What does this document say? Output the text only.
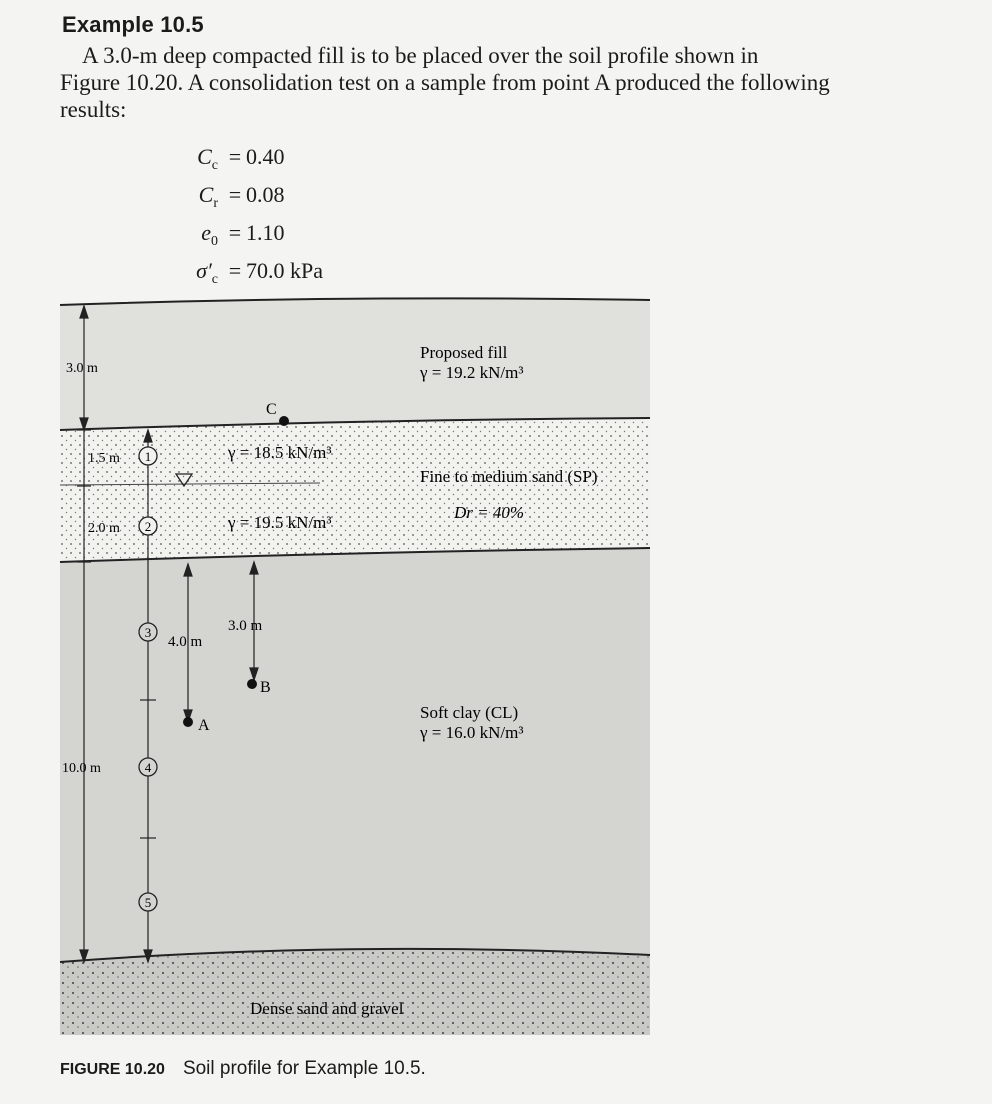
Example 10.5
A 3.0-m deep compacted fill is to be placed over the soil profile shown in
Figure 10.20. A consolidation test on a sample from point A produced the following
results:
$C_c = 0.40$
$C_r = 0.08$
$e_0 = 1.10$
$\sigma'_c = 70.0$ kPa
1
2
3
4
5
3.0 m
1.5 m
2.0 m
10.0 m
4.0 m
3.0 m
C
A
B
Proposed fill
γ = 19.2 kN/m³
γ = 18.5 kN/m³
Fine to medium sand (SP)
Dr = 40%
γ = 19.5 kN/m³
Soft clay (CL)
γ = 16.0 kN/m³
Dense sand and gravel
FIGURE 10.20 Soil profile for Example 10.5.
